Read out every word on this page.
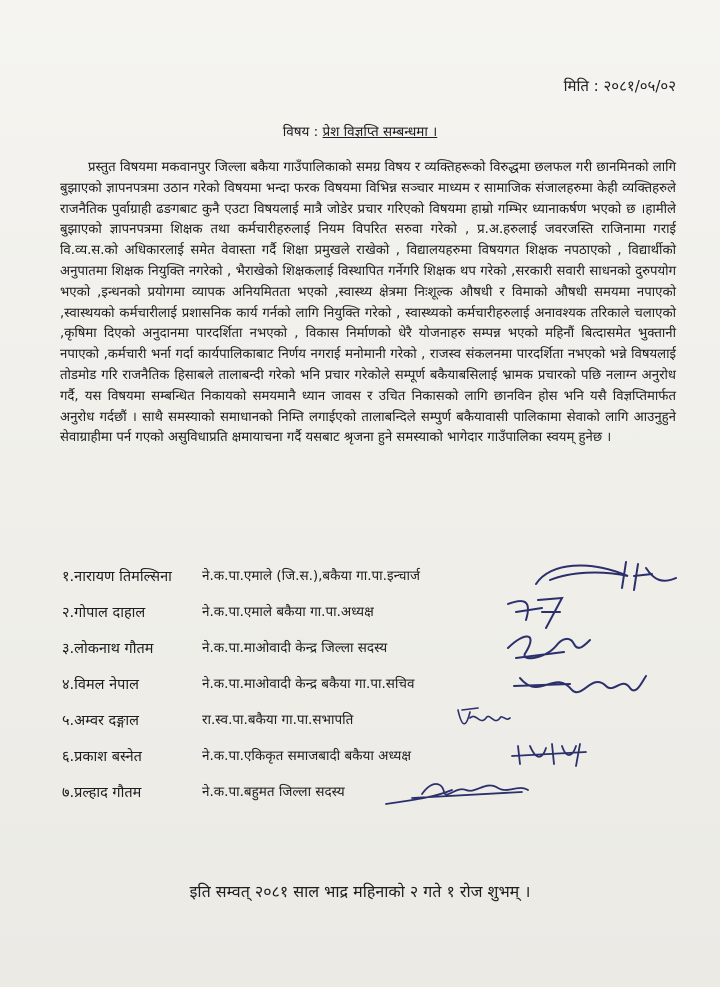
मिति : २०८१/०५/०२
विषय : प्रेश विज्ञप्ति सम्बन्धमा ।

प्रस्तुत विषयमा मकवानपुर जिल्ला बकैया गाउँपालिकाको समग्र विषय र व्यक्तिहरूको विरुद्धमा छलफल गरी छानमिनको लागि बुझाएको ज्ञापनपत्रमा उठान गरेको विषयमा भन्दा फरक विषयमा विभिन्न सञ्चार माध्यम र सामाजिक संजालहरुमा केही व्यक्तिहरुले राजनैतिक पुर्वाग्राही ढङगबाट कुनै एउटा विषयलाई मात्रै जोडेर प्रचार गरिएको विषयमा हाम्रो गम्भिर ध्यानाकर्षण भएको छ ।हामीले बुझाएको ज्ञापनपत्रमा शिक्षक तथा कर्मचारीहरुलाई नियम विपरित सरुवा गरेको , प्र.अ.हरुलाई जवरजस्ति राजिनामा गराई वि.व्य.स.को अधिकारलाई समेत वेवास्ता गर्दै शिक्षा प्रमुखले राखेको , विद्यालयहरुमा विषयगत शिक्षक नपठाएको , विद्यार्थीको अनुपातमा शिक्षक नियुक्ति नगरेको , भैराखेको शिक्षकलाई विस्थापित गर्नेगरि शिक्षक थप गरेको ,सरकारी सवारी साधनको दुरुपयोग भएको ,इन्धनको प्रयोगमा व्यापक अनियमितता भएको ,स्वास्थ्य क्षेत्रमा निःशूल्क औषधी र विमाको औषधी समयमा नपाएको ,स्वास्थयको कर्मचारीलाई प्रशासनिक कार्य गर्नको लागि नियुक्ति गरेको , स्वास्थ्यको कर्मचारीहरुलाई अनावश्यक तरिकाले चलाएको ,कृषिमा दिएको अनुदानमा पारदर्शिता नभएको , विकास निर्माणको धेरै योजनाहरु सम्पन्न भएको महिनौं बित्दासमेत भुक्तानी नपाएको ,कर्मचारी भर्ना गर्दा कार्यपालिकाबाट निर्णय नगराई मनोमानी गरेको , राजस्व संकलनमा पारदर्शिता नभएको भन्ने विषयलाई तोडमोड गरि राजनैतिक हिसाबले तालाबन्दी गरेको भनि प्रचार गरेकोले सम्पूर्ण बकैयाबसिलाई भ्रामक प्रचारको पछि नलाग्न अनुरोध गर्दै, यस विषयमा सम्बन्धित निकायको समयमानै ध्यान जावस र उचित निकासको लागि छानविन होस भनि यसै विज्ञप्तिमार्फत अनुरोध गर्दछौं । साथै समस्याको समाधानको निम्ति लगाईएको तालाबन्दिले सम्पुर्ण बकैयावासी पालिकामा सेवाको लागि आउनुहुने सेवाग्राहीमा पर्न गएको असुविधाप्रति क्षमायाचना गर्दै यसबाट श्रृजना हुने समस्याको भागेदार गाउँपालिका स्वयम् हुनेछ ।

१.नारायण तिमल्सिना	ने.क.पा.एमाले (जि.स.),बकैया गा.पा.इन्चार्ज
२.गोपाल दाहाल	ने.क.पा.एमाले बकैया गा.पा.अध्यक्ष
३.लोकनाथ गौतम	ने.क.पा.माओवादी केन्द्र जिल्ला सदस्य
४.विमल नेपाल	ने.क.पा.माओवादी केन्द्र बकैया गा.पा.सचिव
५.अम्वर दङ्गाल	रा.स्व.पा.बकैया गा.पा.सभापति
६.प्रकाश बस्नेत	ने.क.पा.एकिकृत समाजबादी बकैया अध्यक्ष
७.प्रल्हाद गौतम	ने.क.पा.बहुमत जिल्ला सदस्य
इति सम्वत् २०८१ साल भाद्र महिनाको २ गते १ रोज शुभम् ।
